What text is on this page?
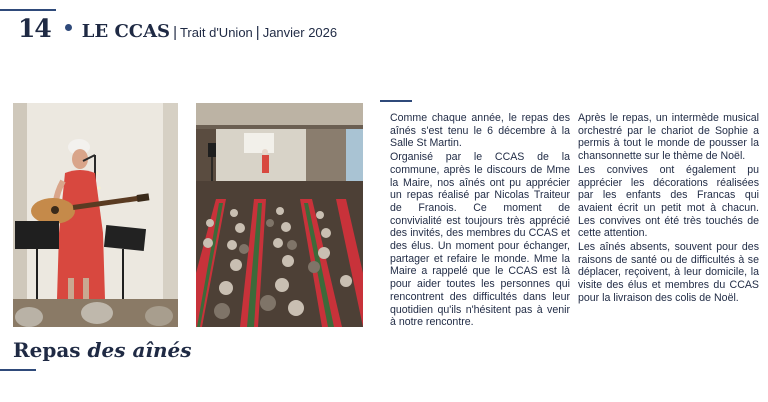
14 LE CCAS | Trait d'Union | Janvier 2026
Repas des aînés

Comme chaque année, le repas des aînés s'est tenu le 6 décembre à la Salle St Martin.

Organisé par le CCAS de la commune, après le discours de Mme la Maire, nos aînés ont pu apprécier un repas réalisé par Nicolas Traiteur de Franois. Ce moment de convivialité est toujours très apprécié des invités, des membres du CCAS et des élus. Un moment pour échanger, partager et refaire le monde. Mme la Maire a rappelé que le CCAS est là pour aider toutes les personnes qui rencontrent des difficultés dans leur quotidien qu'ils n'hésitent pas à venir à notre rencontre.

Après le repas, un intermède musical orchestré par le chariot de Sophie a permis à tout le monde de pousser la chansonnette sur le thème de Noël.

Les convives ont également pu apprécier les décorations réalisées par les enfants des Francas qui avaient écrit un petit mot à chacun. Les convives ont été très touchés de cette attention.

Les aînés absents, souvent pour des raisons de santé ou de difficultés à se déplacer, reçoivent, à leur domicile, la visite des élus et membres du CCAS pour la livraison des colis de Noël.
